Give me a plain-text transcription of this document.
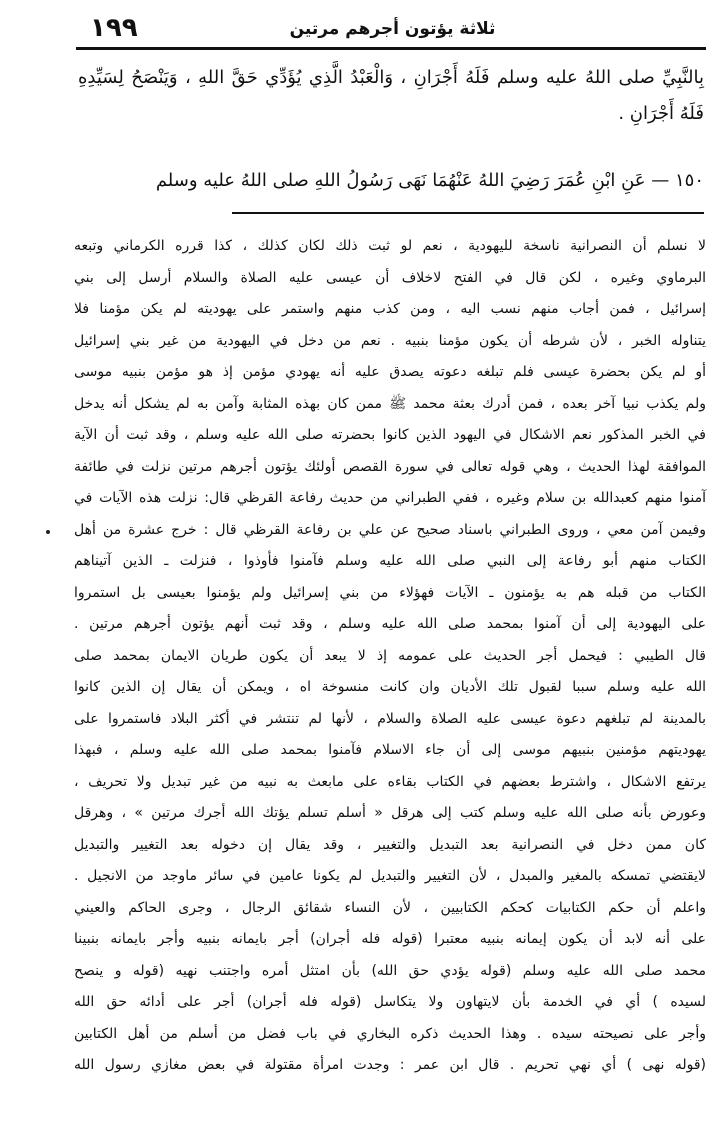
١٩٩	ثلاثة يؤتون أجرهم مرتين
بِالنَّبِيِّ صلى اللهُ عليه وسلم فَلَهُ أَجْرَانِ ، وَالْعَبْدُ الَّذِي يُؤَدِّي حَقَّ اللهِ ، وَيَنْصَحُ لِسَيِّدِهِ
فَلَهُ أَجْرَانِ .
١٥٠ — عَنِ ابْنِ عُمَرَ رَضِيَ اللهُ عَنْهُمَا نَهَى رَسُولُ اللهِ صلى اللهُ عليه وسلم
لا نسلم أن النصرانية ناسخة لليهودية ، نعم لو ثبت ذلك لكان كذلك ، كذا قرره الكرماني وتبعه
البرماوي وغيره ، لكن قال في الفتح لاخلاف أن عيسى عليه الصلاة والسلام أرسل إلى بني
إسرائيل ، فمن أجاب منهم نسب اليه ، ومن كذب منهم واستمر على يهوديته لم يكن مؤمنا فلا
يتناوله الخبر ، لأن شرطه أن يكون مؤمنا بنبيه . نعم من دخل في اليهودية من غير بني إسرائيل
أو لم يكن بحضرة عيسى فلم تبلغه دعوته يصدق عليه أنه يهودي مؤمن إذ هو مؤمن بنبيه موسى
ولم يكذب نبيا آخر بعده ، فمن أدرك بعثة محمد ﷺ ممن كان بهذه المثابة وآمن به لم يشكل أنه يدخل
في الخبر المذكور نعم الاشكال في اليهود الذين كانوا بحضرته صلى الله عليه وسلم ، وقد ثبت أن الآية
الموافقة لهذا الحديث ، وهي قوله تعالى في سورة القصص أولئك يؤتون أجرهم مرتين نزلت في طائفة
آمنوا منهم كعبدالله بن سلام وغيره ، ففي الطبراني من حديث رفاعة القرظي قال: نزلت هذه الآيات في
وفيمن آمن معي ، وروى الطبراني باسناد صحيح عن علي بن رفاعة القرظي قال : خرج عشرة من أهل
الكتاب منهم أبو رفاعة إلى النبي صلى الله عليه وسلم فآمنوا فأوذوا ، فنزلت ـ الذين آتيناهم
الكتاب من قبله هم به يؤمنون ـ الآيات فهؤلاء من بني إسرائيل ولم يؤمنوا بعيسى بل استمروا
على اليهودية إلى أن آمنوا بمحمد صلى الله عليه وسلم ، وقد ثبت أنهم يؤتون أجرهم مرتين .
قال الطيبي : فيحمل أجر الحديث على عمومه إذ لا يبعد أن يكون طريان الايمان بمحمد صلى
الله عليه وسلم سببا لقبول تلك الأديان وان كانت منسوخة اه ، ويمكن أن يقال إن الذين كانوا
بالمدينة لم تبلغهم دعوة عيسى عليه الصلاة والسلام ، لأنها لم تنتشر في أكثر البلاد فاستمروا على
يهوديتهم مؤمنين بنبيهم موسى إلى أن جاء الاسلام فآمنوا بمحمد صلى الله عليه وسلم ، فبهذا
يرتفع الاشكال ، واشترط بعضهم في الكتاب بقاءه على مابعث به نبيه من غير تبديل ولا تحريف ،
وعورض بأنه صلى الله عليه وسلم كتب إلى هرقل « أسلم تسلم يؤتك الله أجرك مرتين » ، وهرقل
كان ممن دخل في النصرانية بعد التبديل والتغيير ، وقد يقال إن دخوله بعد التغيير والتبديل
لايقتضي تمسكه بالمغير والمبدل ، لأن التغيير والتبديل لم يكونا عامين في سائر ماوجد من الانجيل .
واعلم أن حكم الكتابيات كحكم الكتابيين ، لأن النساء شقائق الرجال ، وجرى الحاكم والعيني
على أنه لابد أن يكون إيمانه بنبيه معتبرا (قوله فله أجران) أجر بايمانه بنبيه وأجر بايمانه بنبينا
محمد صلى الله عليه وسلم (قوله يؤدي حق الله) بأن امتثل أمره واجتنب نهيه (قوله و ينصح
لسيده ) أي في الخدمة بأن لايتهاون ولا يتكاسل (قوله فله أجران) أجر على أدائه حق الله
وأجر على نصيحته سيده . وهذا الحديث ذكره البخاري في باب فضل من أسلم من أهل الكتابين
(قوله نهى ) أي نهي تحريم . قال ابن عمر : وجدت امرأة مقتولة في بعض مغازي رسول الله
